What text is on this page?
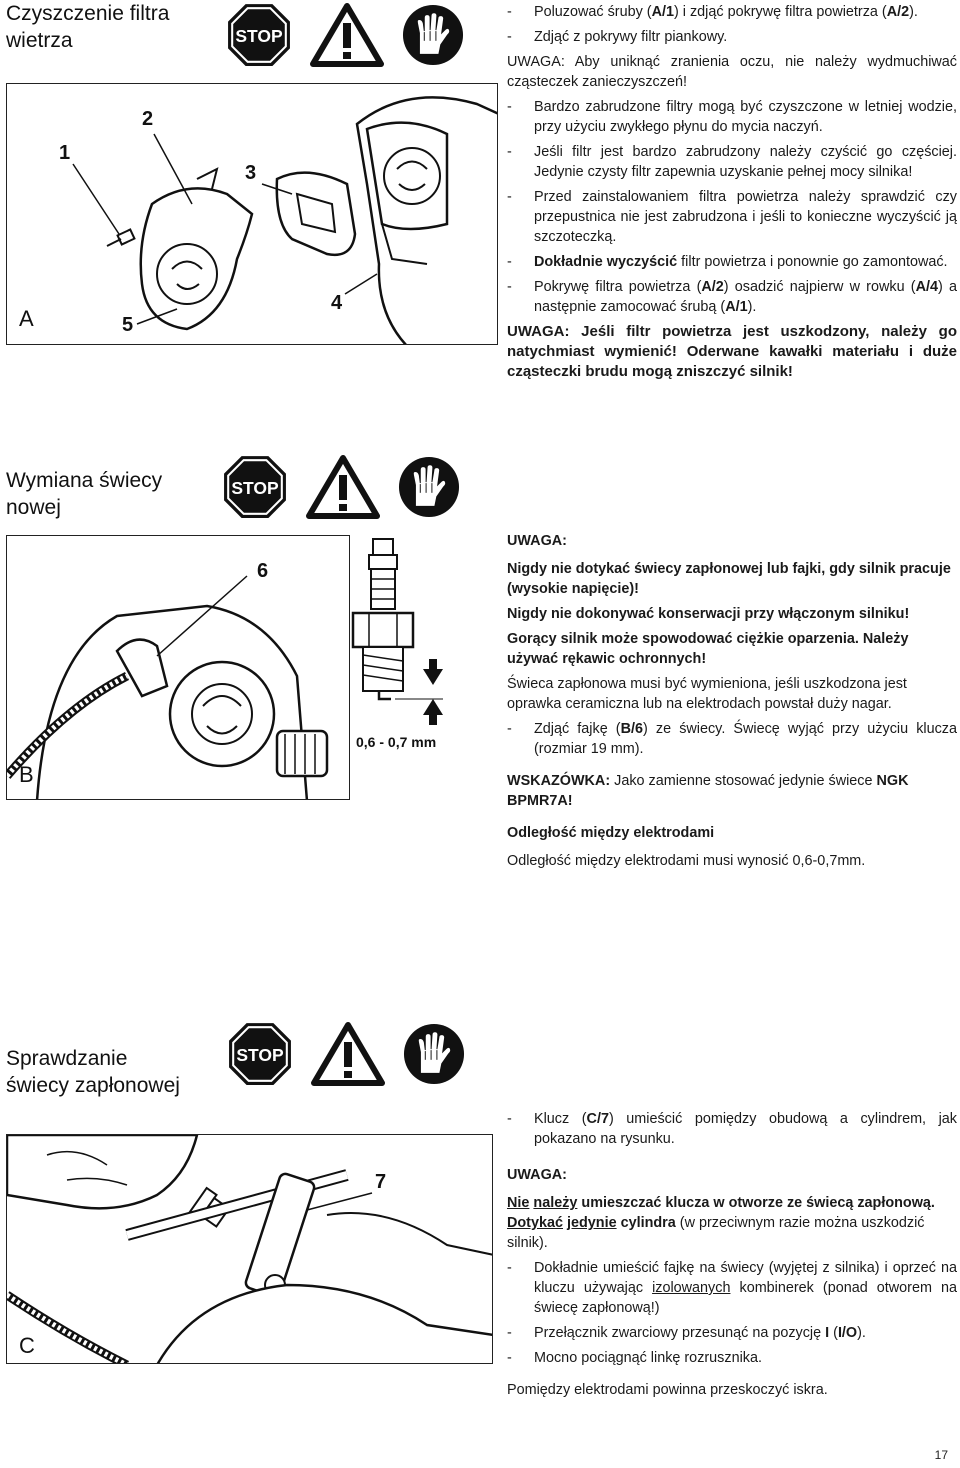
Czyszczenie filtra
wietrza
1
2
3
4
5
A
- Poluzować śruby (A/1) i zdjąć pokrywę filtra powietrza (A/2).
- Zdjąć z pokrywy filtr piankowy.

UWAGA: Aby uniknąć zranienia oczu, nie należy wydmuchiwać cząsteczek zanieczyszczeń!

- Bardzo zabrudzone filtry mogą być czyszczone w letniej wodzie, przy użyciu zwykłego płynu do mycia naczyń.
- Jeśli filtr jest bardzo zabrudzony należy czyścić go częściej. Jedynie czysty filtr zapewnia uzyskanie pełnej mocy silnika!
- Przed zainstalowaniem filtra powietrza należy sprawdzić czy przepustnica nie jest zabrudzona i jeśli to konieczne wyczyścić ją szczoteczką.
- Dokładnie wyczyścić filtr powietrza i ponownie go zamontować.
- Pokrywę filtra powietrza (A/2) osadzić najpierw w rowku (A/4) a następnie zamocować śrubą (A/1).

UWAGA: Jeśli filtr powietrza jest uszkodzony, należy go natychmiast wymienić! Oderwane kawałki materiału i duże cząsteczki brudu mogą zniszczyć silnik!

Wymiana świecy
nowej
6
B
0,6 - 0,7 mm

UWAGA:

Nigdy nie dotykać świecy zapłonowej lub fajki, gdy silnik pracuje (wysokie napięcie)!

Nigdy nie dokonywać konserwacji przy włączonym silniku!

Gorący silnik może spowodować ciężkie oparzenia. Należy używać rękawic ochronnych!

Świeca zapłonowa musi być wymieniona, jeśli uszkodzona jest oprawka ceramiczna lub na elektrodach powstał duży nagar.

- Zdjąć fajkę (B/6) ze świecy. Świecę wyjąć przy użyciu klucza (rozmiar 19 mm).

WSKAZÓWKA: Jako zamienne stosować jedynie świece NGK BPMR7A!

Odległość między elektrodami

Odległość między elektrodami musi wynosić 0,6-0,7mm.

Sprawdzanie
świecy zapłonowej
7
C
- Klucz (C/7) umieścić pomiędzy obudową a cylindrem, jak pokazano na rysunku.

UWAGA:

Nie należy umieszczać klucza w otworze ze świecą zapłonową. Dotykać jedynie cylindra (w przeciwnym razie można uszkodzić silnik).

- Dokładnie umieścić fajkę na świecy (wyjętej z silnika) i oprzeć na kluczu używając izolowanych kombinerek (ponad otworem na świecę zapłonową!)
- Przełącznik zwarciowy przesunąć na pozycję I (I/O).
- Mocno pociągnąć linkę rozrusznika.

Pomiędzy elektrodami powinna przeskoczyć iskra.

17
